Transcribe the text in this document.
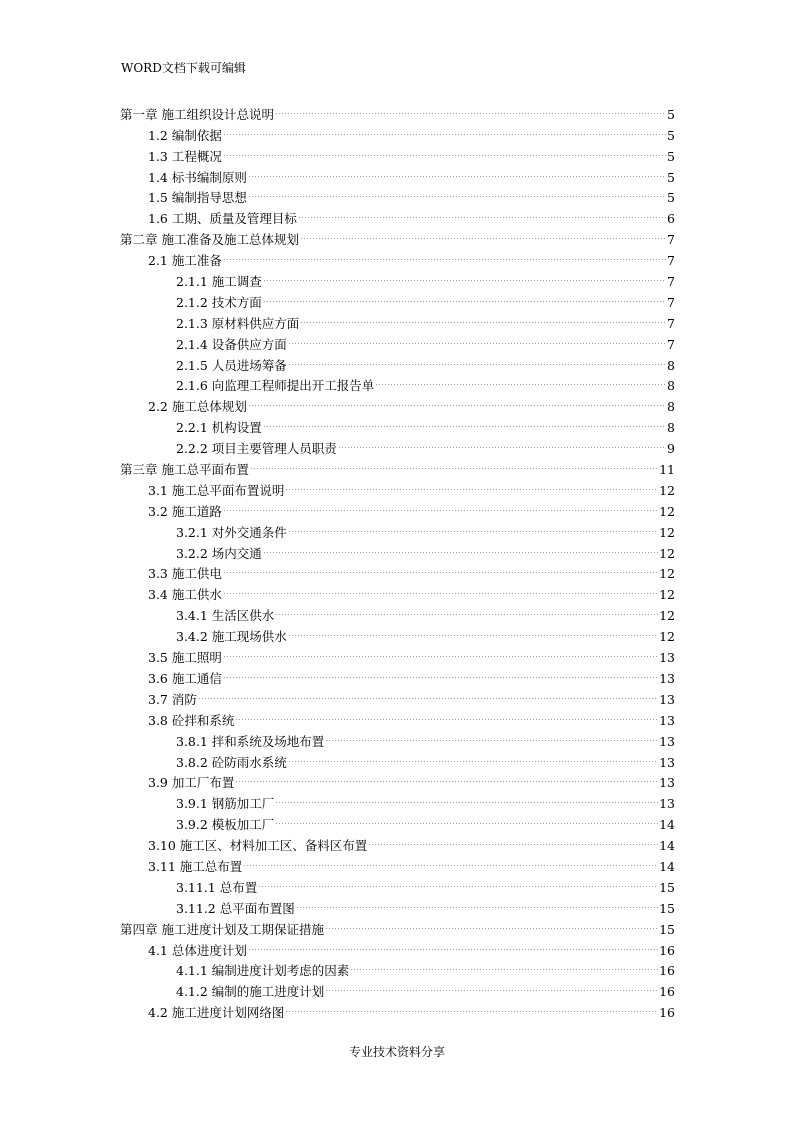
WORD文档下载可编辑
第一章 施工组织设计总说明	5
1.2 编制依据	5
1.3 工程概况	5
1.4 标书编制原则	5
1.5 编制指导思想	5
1.6 工期、质量及管理目标	6
第二章 施工准备及施工总体规划	7
2.1 施工准备	7
2.1.1 施工调查	7
2.1.2 技术方面	7
2.1.3 原材料供应方面	7
2.1.4 设备供应方面	7
2.1.5 人员进场筹备	8
2.1.6 向监理工程师提出开工报告单	8
2.2 施工总体规划	8
2.2.1 机构设置	8
2.2.2 项目主要管理人员职责	9
第三章 施工总平面布置	11
3.1 施工总平面布置说明	12
3.2 施工道路	12
3.2.1 对外交通条件	12
3.2.2 场内交通	12
3.3 施工供电	12
3.4 施工供水	12
3.4.1 生活区供水	12
3.4.2 施工现场供水	12
3.5 施工照明	13
3.6 施工通信	13
3.7 消防	13
3.8 砼拌和系统	13
3.8.1 拌和系统及场地布置	13
3.8.2 砼防雨水系统	13
3.9 加工厂布置	13
3.9.1 钢筋加工厂	13
3.9.2 模板加工厂	14
3.10 施工区、材料加工区、备料区布置	14
3.11 施工总布置	14
3.11.1 总布置	15
3.11.2 总平面布置图	15
第四章 施工进度计划及工期保证措施	15
4.1 总体进度计划	16
4.1.1 编制进度计划考虑的因素	16
4.1.2 编制的施工进度计划	16
4.2 施工进度计划网络图	16
专业技术资料分享
